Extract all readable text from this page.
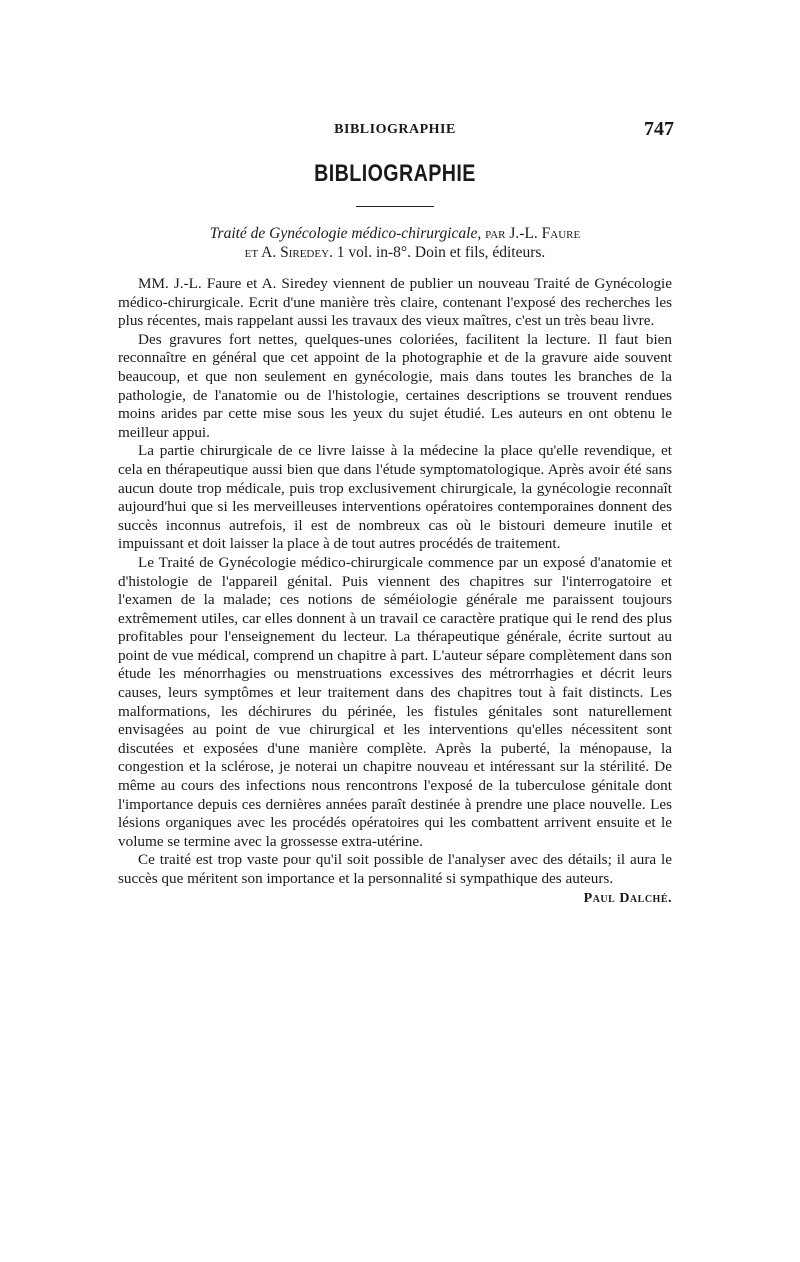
BIBLIOGRAPHIE	747
BIBLIOGRAPHIE
Traité de Gynécologie médico-chirurgicale, par J.-L. Faure
et A. Siredey. 1 vol. in-8°. Doin et fils, éditeurs.

MM. J.-L. Faure et A. Siredey viennent de publier un nouveau Traité de Gynécologie médico-chirurgicale. Ecrit d'une manière très claire, contenant l'exposé des recherches les plus récentes, mais rappelant aussi les travaux des vieux maîtres, c'est un très beau livre.

Des gravures fort nettes, quelques-unes coloriées, facilitent la lecture. Il faut bien reconnaître en général que cet appoint de la photographie et de la gravure aide souvent beaucoup, et que non seulement en gynécologie, mais dans toutes les branches de la pathologie, de l'anatomie ou de l'histologie, certaines descriptions se trouvent rendues moins arides par cette mise sous les yeux du sujet étudié. Les auteurs en ont obtenu le meilleur appui.

La partie chirurgicale de ce livre laisse à la médecine la place qu'elle revendique, et cela en thérapeutique aussi bien que dans l'étude symptomatologique. Après avoir été sans aucun doute trop médicale, puis trop exclusivement chirurgicale, la gynécologie reconnaît aujourd'hui que si les merveilleuses interventions opératoires contemporaines donnent des succès inconnus autrefois, il est de nombreux cas où le bistouri demeure inutile et impuissant et doit laisser la place à de tout autres procédés de traitement.

Le Traité de Gynécologie médico-chirurgicale commence par un exposé d'anatomie et d'histologie de l'appareil génital. Puis viennent des chapitres sur l'interrogatoire et l'examen de la malade; ces notions de séméiologie générale me paraissent toujours extrêmement utiles, car elles donnent à un travail ce caractère pratique qui le rend des plus profitables pour l'enseignement du lecteur. La thérapeutique générale, écrite surtout au point de vue médical, comprend un chapitre à part. L'auteur sépare complètement dans son étude les ménorrhagies ou menstruations excessives des métrorrhagies et décrit leurs causes, leurs symptômes et leur traitement dans des chapitres tout à fait distincts. Les malformations, les déchirures du périnée, les fistules génitales sont naturellement envisagées au point de vue chirurgical et les interventions qu'elles nécessitent sont discutées et exposées d'une manière complète. Après la puberté, la ménopause, la congestion et la sclérose, je noterai un chapitre nouveau et intéressant sur la stérilité. De même au cours des infections nous rencontrons l'exposé de la tuberculose génitale dont l'importance depuis ces dernières années paraît destinée à prendre une place nouvelle. Les lésions organiques avec les procédés opératoires qui les combattent arrivent ensuite et le volume se termine avec la grossesse extra-utérine.

Ce traité est trop vaste pour qu'il soit possible de l'analyser avec des détails; il aura le succès que méritent son importance et la personnalité si sympathique des auteurs.

Paul Dalché.
